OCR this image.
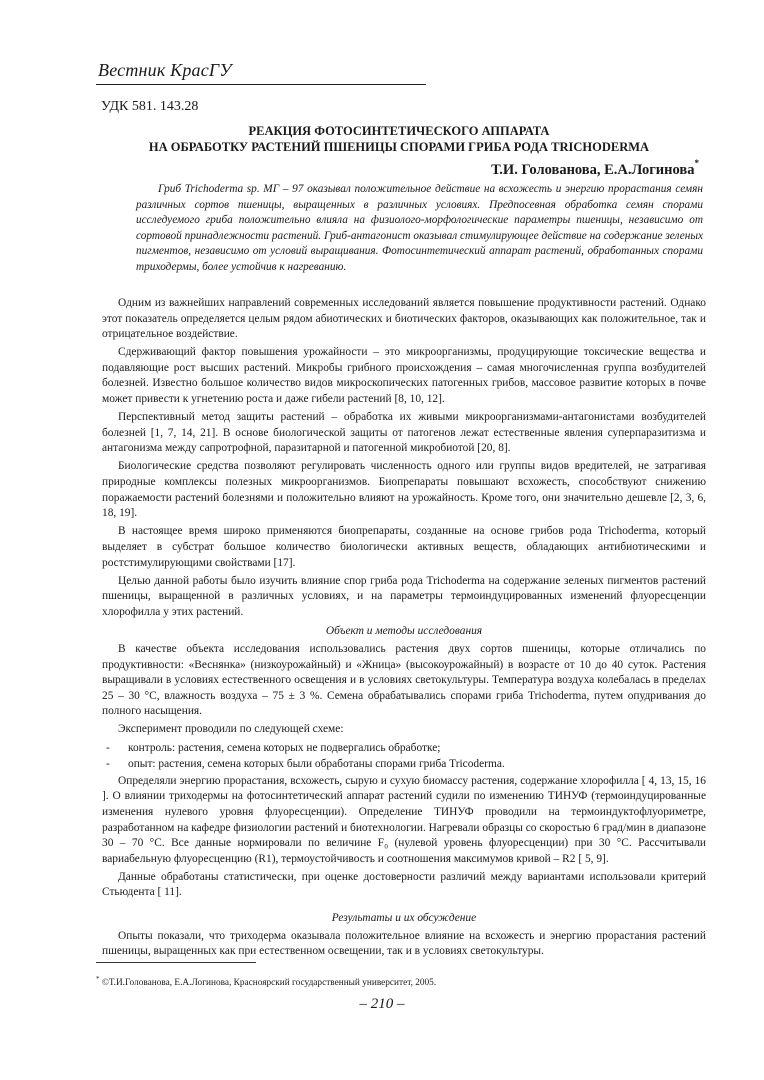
Вестник КрасГУ
УДК 581. 143.28
РЕАКЦИЯ ФОТОСИНТЕТИЧЕСКОГО АППАРАТА
НА ОБРАБОТКУ РАСТЕНИЙ ПШЕНИЦЫ СПОРАМИ ГРИБА РОДА TRICHODERMA
Т.И. Голованова, Е.А.Логинова*

Гриб Trichoderma sp. МГ – 97 оказывал положительное действие на всхожесть и энергию прорастания семян различных сортов пшеницы, выращенных в различных условиях. Предпосевная обработка семян спорами исследуемого гриба положительно влияла на физиолого-морфологические параметры пшеницы, независимо от сортовой принадлежности растений. Гриб-антагонист оказывал стимулирующее действие на содержание зеленых пигментов, независимо от условий выращивания. Фотосинтетический аппарат растений, обработанных спорами триходермы, более устойчив к нагреванию.

Одним из важнейших направлений современных исследований является повышение продуктивности растений. Однако этот показатель определяется целым рядом абиотических и биотических факторов, оказывающих как положительное, так и отрицательное воздействие.

Сдерживающий фактор повышения урожайности – это микроорганизмы, продуцирующие токсические вещества и подавляющие рост высших растений. Микробы грибного происхождения – самая многочисленная группа возбудителей болезней. Известно большое количество видов микроскопических патогенных грибов, массовое развитие которых в почве может привести к угнетению роста и даже гибели растений [8, 10, 12].

Перспективный метод защиты растений – обработка их живыми микроорганизмами-антагонистами возбудителей болезней [1, 7, 14, 21]. В основе биологической защиты от патогенов лежат естественные явления суперпаразитизма и антагонизма между сапротрофной, паразитарной и патогенной микробиотой [20, 8].

Биологические средства позволяют регулировать численность одного или группы видов вредителей, не затрагивая природные комплексы полезных микроорганизмов. Биопрепараты повышают всхожесть, способствуют снижению поражаемости растений болезнями и положительно влияют на урожайность. Кроме того, они значительно дешевле [2, 3, 6, 18, 19].

В настоящее время широко применяются биопрепараты, созданные на основе грибов рода Trichoderma, который выделяет в субстрат большое количество биологически активных веществ, обладающих антибиотическими и ростстимулирующими свойствами [17].

Целью данной работы было изучить влияние спор гриба рода Trichoderma на содержание зеленых пигментов растений пшеницы, выращенной в различных условиях, и на параметры термоиндуцированных изменений флуоресценции хлорофилла у этих растений.

Объект и методы исследования

В качестве объекта исследования использовались растения двух сортов пшеницы, которые отличались по продуктивности: «Веснянка» (низкоурожайный) и «Жница» (высокоурожайный) в возрасте от 10 до 40 суток. Растения выращивали в условиях естественного освещения и в условиях светокультуры. Температура воздуха колебалась в пределах 25 – 30 °С, влажность воздуха – 75 ± 3 %. Семена обрабатывались спорами гриба Trichoderma, путем опудривания до полного насыщения.

Эксперимент проводили по следующей схеме:

- контроль: растения, семена которых не подвергались обработке;

- опыт: растения, семена которых были обработаны спорами гриба Tricoderma.

Определяли энергию прорастания, всхожесть, сырую и сухую биомассу растения, содержание хлорофилла [ 4, 13, 15, 16 ]. О влиянии триходермы на фотосинтетический аппарат растений судили по изменению ТИНУФ (термоиндуцированные изменения нулевого уровня флуоресценции). Определение ТИНУФ проводили на термоиндуктофлуориметре, разработанном на кафедре физиологии растений и биотехнологии. Нагревали образцы со скоростью 6 град/мин в диапазоне 30 – 70 °С. Все данные нормировали по величине F₀ (нулевой уровень флуоресценции) при 30 °С. Рассчитывали вариабельную флуоресценцию (R1), термоустойчивость и соотношения максимумов кривой – R2 [ 5, 9].

Данные обработаны статистически, при оценке достоверности различий между вариантами использовали критерий Стьюдента [ 11].

Результаты и их обсуждение

Опыты показали, что триходерма оказывала положительное влияние на всхожесть и энергию прорастания растений пшеницы, выращенных как при естественном освещении, так и в условиях светокультуры.

* ©Т.И.Голованова, Е.А.Логинова, Красноярский государственный университет, 2005.
– 210 –
